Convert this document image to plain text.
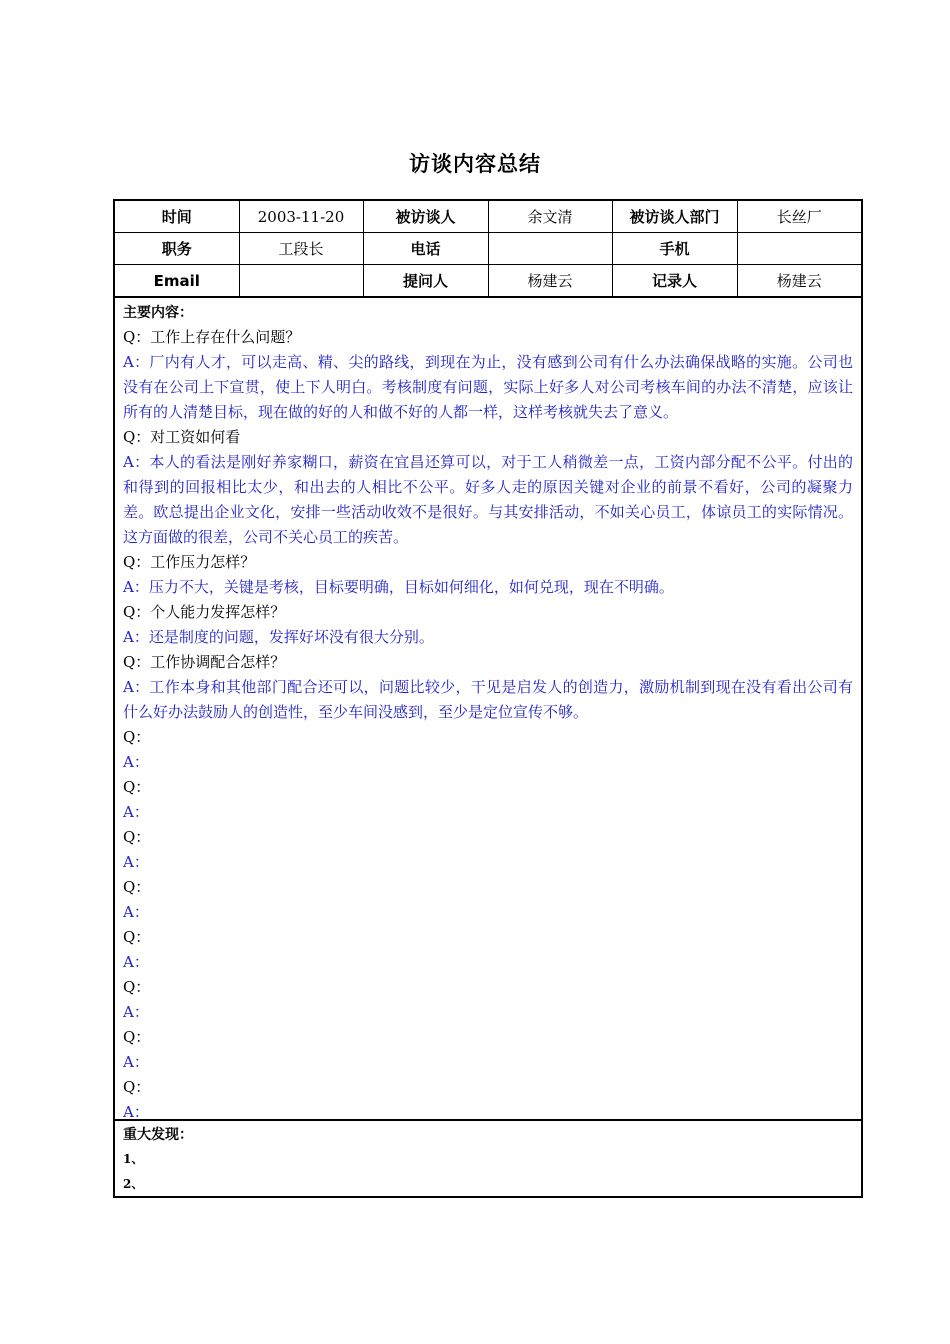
访谈内容总结
时间	2003-11-20	被访谈人	余文清	被访谈人部门	长丝厂
职务	工段长	电话		手机	
Email		提问人	杨建云	记录人	杨建云
主要内容：
Q：工作上存在什么问题？
A：厂内有人才，可以走高、精、尖的路线，到现在为止，没有感到公司有什么办法确保战略的实施。公司也没有在公司上下宣贯，使上下人明白。考核制度有问题，实际上好多人对公司考核车间的办法不清楚，应该让所有的人清楚目标，现在做的好的人和做不好的人都一样，这样考核就失去了意义。
Q：对工资如何看
A：本人的看法是刚好养家糊口，薪资在宜昌还算可以，对于工人稍微差一点，工资内部分配不公平。付出的和得到的回报相比太少，和出去的人相比不公平。好多人走的原因关键对企业的前景不看好，公司的凝聚力差。欧总提出企业文化，安排一些活动收效不是很好。与其安排活动，不如关心员工，体谅员工的实际情况。这方面做的很差，公司不关心员工的疾苦。
Q：工作压力怎样？
A：压力不大，关键是考核，目标要明确，目标如何细化，如何兑现，现在不明确。
Q：个人能力发挥怎样？
A：还是制度的问题，发挥好坏没有很大分别。
Q：工作协调配合怎样？
A：工作本身和其他部门配合还可以，问题比较少，干见是启发人的创造力，激励机制到现在没有看出公司有什么好办法鼓励人的创造性，至少车间没感到，至少是定位宣传不够。
Q：
A：
Q：
A：
Q：
A：
Q：
A：
Q：
A：
Q：
A：
Q：
A：
Q：
A：
重大发现：
1、
2、
